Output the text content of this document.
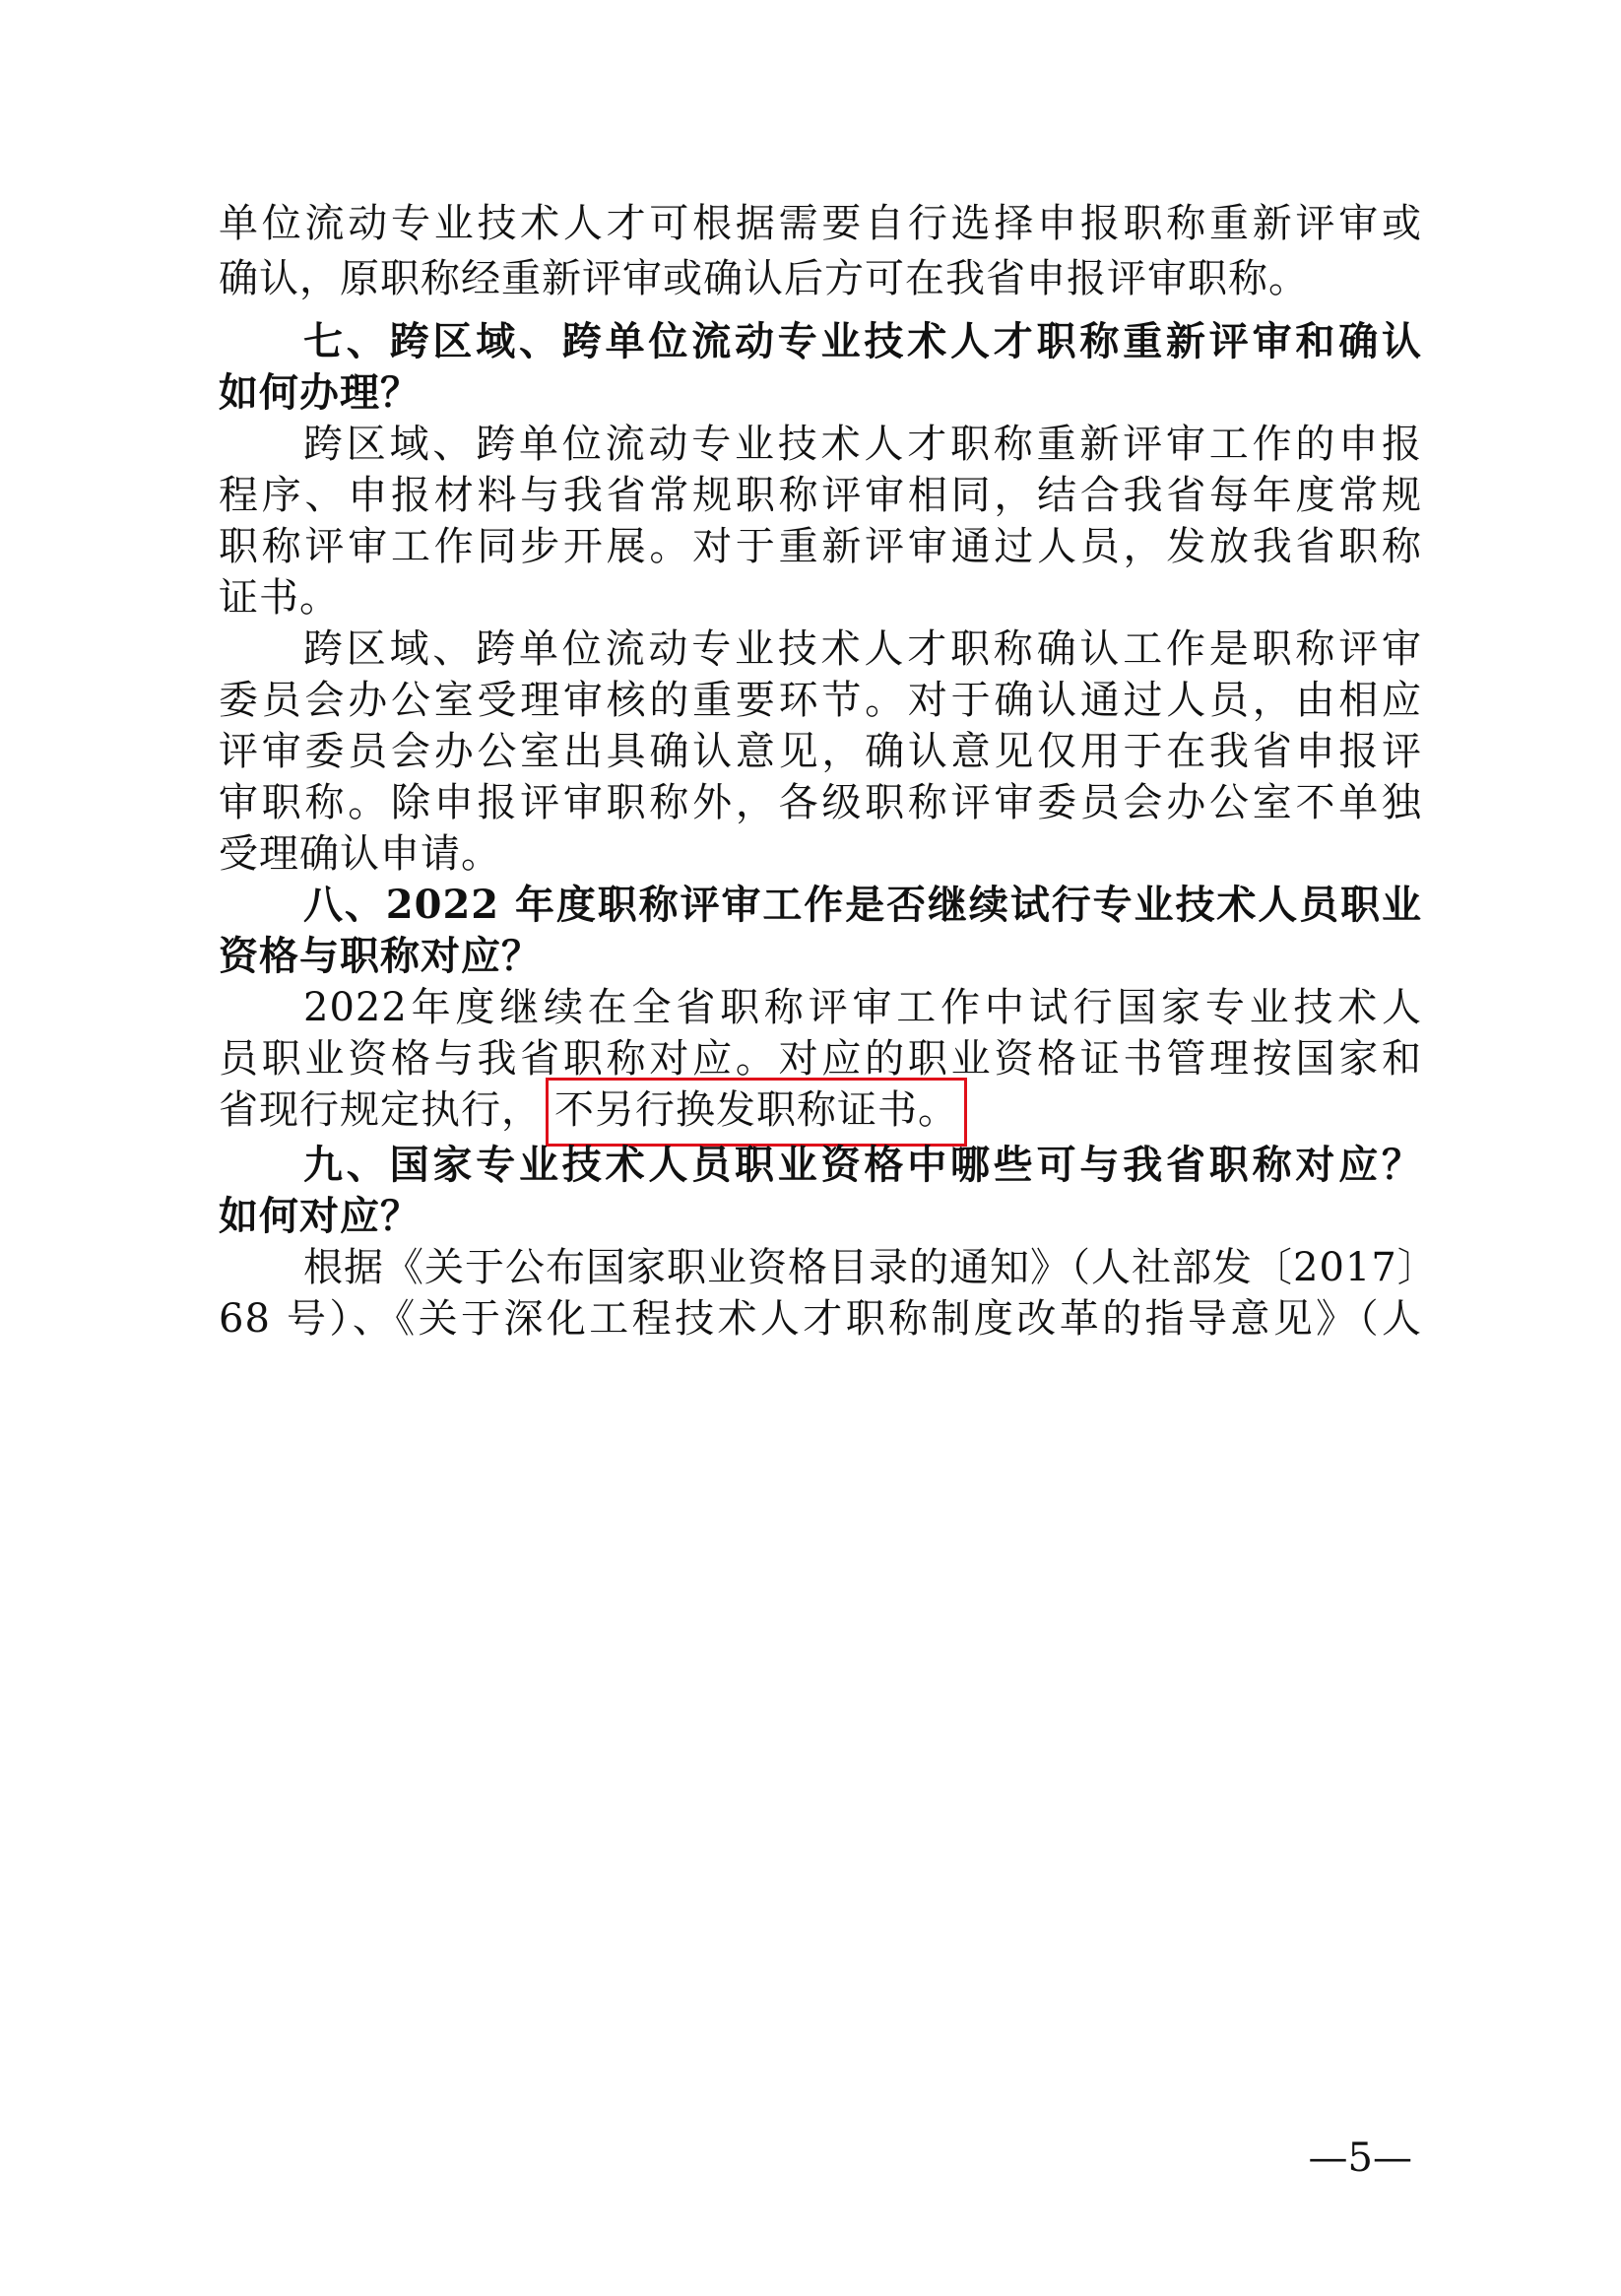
单位流动专业技术人才可根据需要自行选择申报职称重新评审或
确认，原职称经重新评审或确认后方可在我省申报评审职称。
七、跨区域、跨单位流动专业技术人才职称重新评审和确认
如何办理？
跨区域、跨单位流动专业技术人才职称重新评审工作的申报
程序、申报材料与我省常规职称评审相同，结合我省每年度常规
职称评审工作同步开展。对于重新评审通过人员，发放我省职称
证书。
跨区域、跨单位流动专业技术人才职称确认工作是职称评审
委员会办公室受理审核的重要环节。对于确认通过人员，由相应
评审委员会办公室出具确认意见，确认意见仅用于在我省申报评
审职称。除申报评审职称外，各级职称评审委员会办公室不单独
受理确认申请。
八、2022 年度职称评审工作是否继续试行专业技术人员职业
资格与职称对应？
2022年度继续在全省职称评审工作中试行国家专业技术人
员职业资格与我省职称对应。对应的职业资格证书管理按国家和
省现行规定执行， 不另行换发职称证书。
九、国家专业技术人员职业资格中哪些可与我省职称对应？
如何对应？
根据《关于公布国家职业资格目录的通知》（人社部发〔2017〕
68 号）、《关于深化工程技术人才职称制度改革的指导意见》（人
—5—
